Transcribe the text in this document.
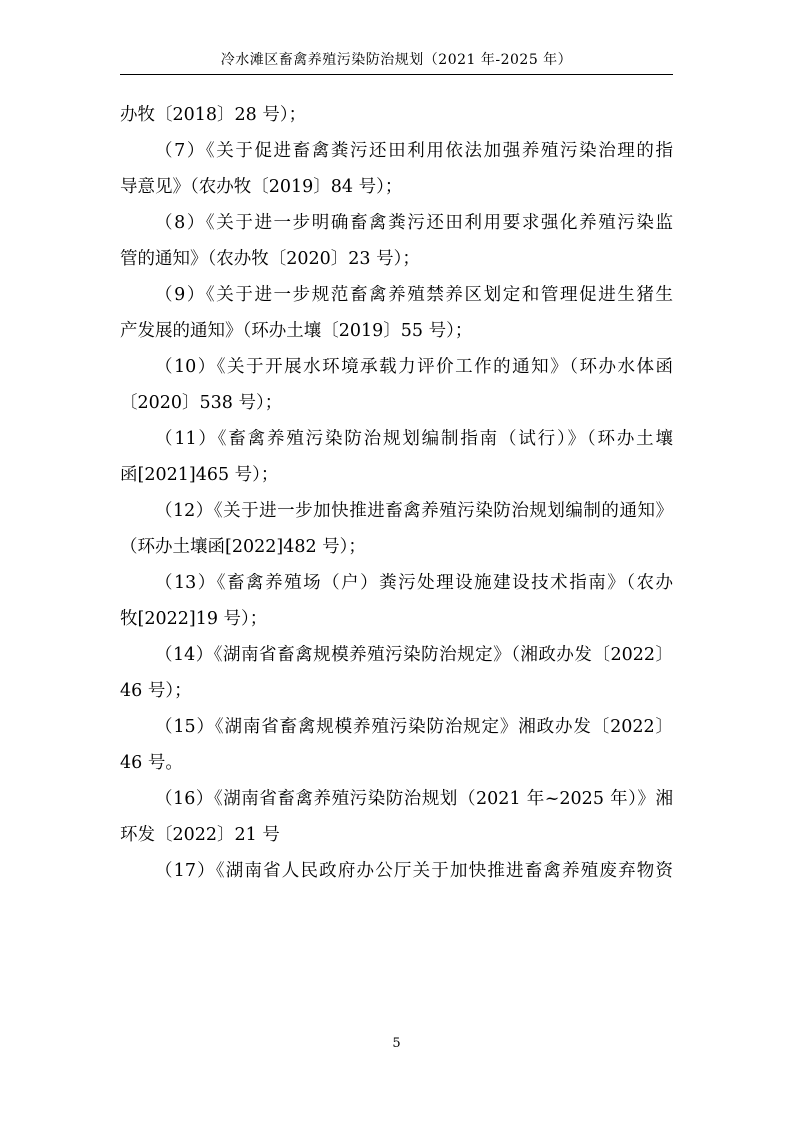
冷水滩区畜禽养殖污染防治规划（2021 年-2025 年）
办牧〔2018〕28 号）；
（7）《关于促进畜禽粪污还田利用依法加强养殖污染治理的指
导意见》（农办牧〔2019〕84 号）；
（8）《关于进一步明确畜禽粪污还田利用要求强化养殖污染监
管的通知》（农办牧〔2020〕23 号）；
（9）《关于进一步规范畜禽养殖禁养区划定和管理促进生猪生
产发展的通知》（环办土壤〔2019〕55 号）；
（10）《关于开展水环境承载力评价工作的通知》（环办水体函
〔2020〕538 号）；
（11）《畜禽养殖污染防治规划编制指南（试行）》（环办土壤
函[2021]465 号）；
（12）《关于进一步加快推进畜禽养殖污染防治规划编制的通知》
（环办土壤函[2022]482 号）；
（13）《畜禽养殖场（户）粪污处理设施建设技术指南》（农办
牧[2022]19 号）；
（14）《湖南省畜禽规模养殖污染防治规定》（湘政办发〔2022〕
46 号）；
（15）《湖南省畜禽规模养殖污染防治规定》湘政办发〔2022〕
46 号。
（16）《湖南省畜禽养殖污染防治规划（2021 年~2025 年）》湘
环发〔2022〕21 号
（17）《湖南省人民政府办公厅关于加快推进畜禽养殖废弃物资
5
